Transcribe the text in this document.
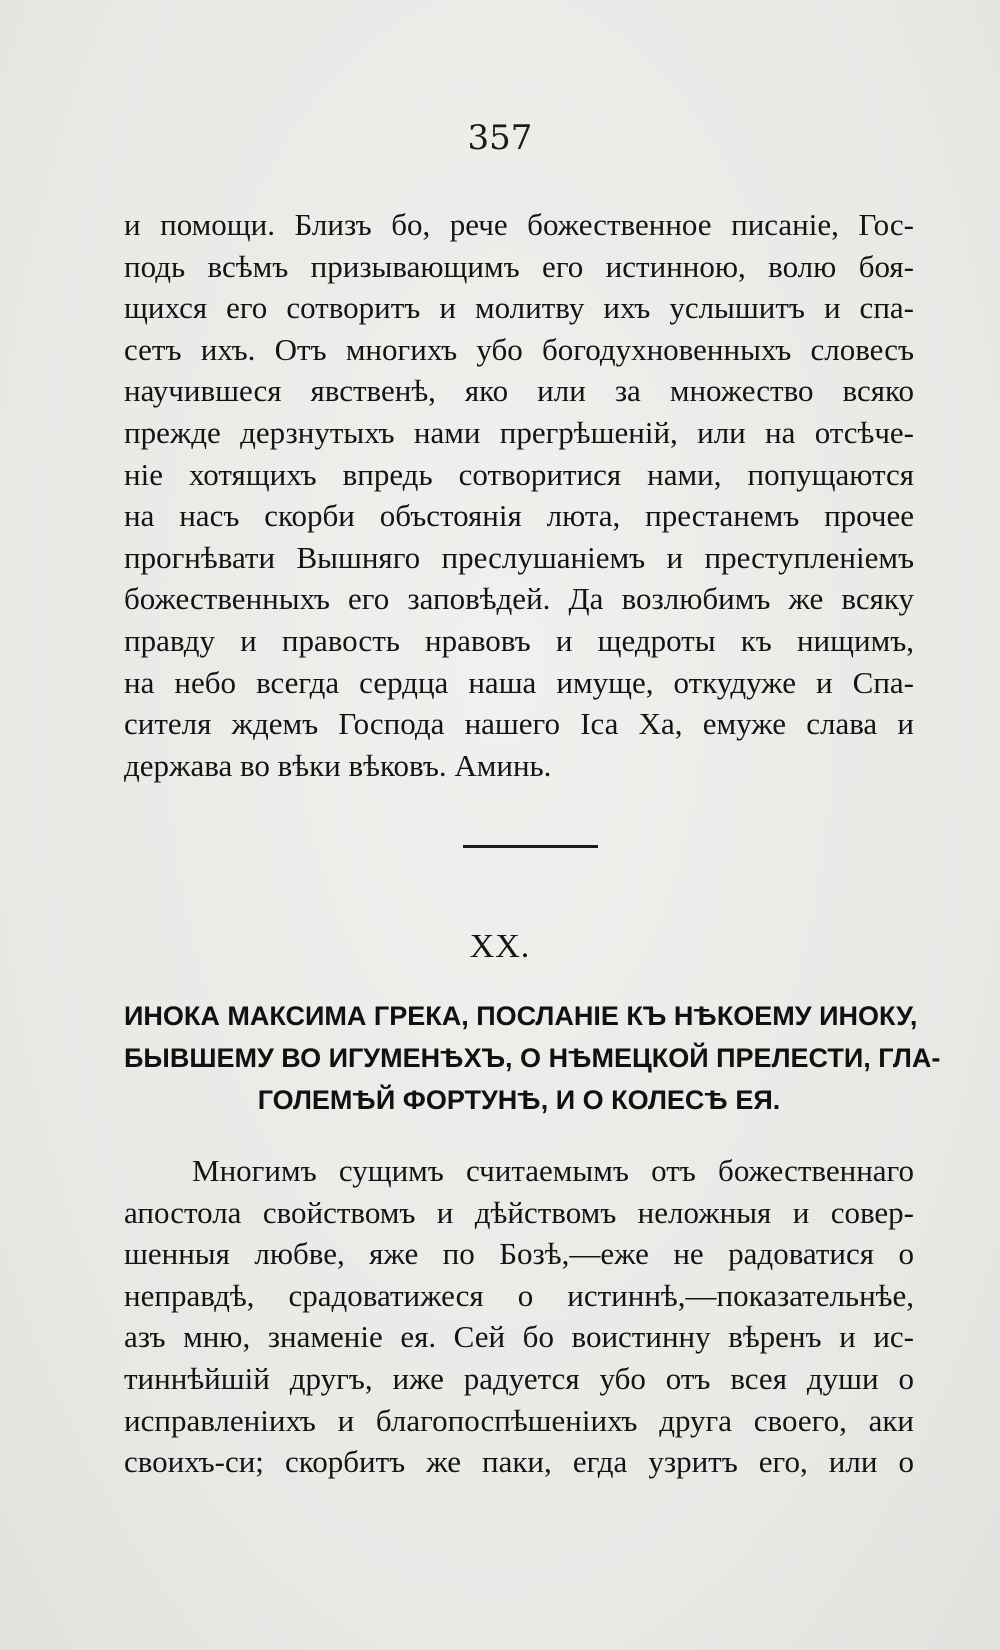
357
и помощи. Близъ бо, рече божественное писаніе, Гос-
подь всѣмъ призывающимъ его истинною, волю боя-
щихся его сотворитъ и молитву ихъ услышитъ и спа-
сетъ ихъ. Отъ многихъ убо богодухновенныхъ словесъ
научившеся явственѣ, яко или за множество всяко
прежде дерзнутыхъ нами прегрѣшеній, или на отсѣче-
ніе хотящихъ впредь сотворитися нами, попущаются
на насъ скорби объстоянія люта, престанемъ прочее
прогнѣвати Вышняго преслушаніемъ и преступленіемъ
божественныхъ его заповѣдей. Да возлюбимъ же всяку
правду и правость нравовъ и щедроты къ нищимъ,
на небо всегда сердца наша имуще, откудуже и Спа-
сителя ждемъ Господа нашего Іса Ха, емуже слава и
держава во вѣки вѣковъ. Аминь.
XX.
ИНОКА МАКСИМА ГРЕКА, ПОСЛАНІЕ КЪ НѢКОЕМУ ИНОКУ,
БЫВШЕМУ ВО ИГУМЕНѢХЪ, О НѢМЕЦКОЙ ПРЕЛЕСТИ, ГЛА-
ГОЛЕМѢЙ ФОРТУНѢ, И О КОЛЕСѢ ЕЯ.
Многимъ сущимъ считаемымъ отъ божественнаго
апостола свойствомъ и дѣйствомъ неложныя и совер-
шенныя любве, яже по Бозѣ,—еже не радоватися о
неправдѣ, срадоватижеся о истиннѣ,—показательнѣе,
азъ мню, знаменіе ея. Сей бо воистинну вѣренъ и ис-
тиннѣйшій другъ, иже радуется убо отъ всея души о
исправленіихъ и благопоспѣшеніихъ друга своего, аки
своихъ-си; скорбитъ же паки, егда узритъ его, или о
